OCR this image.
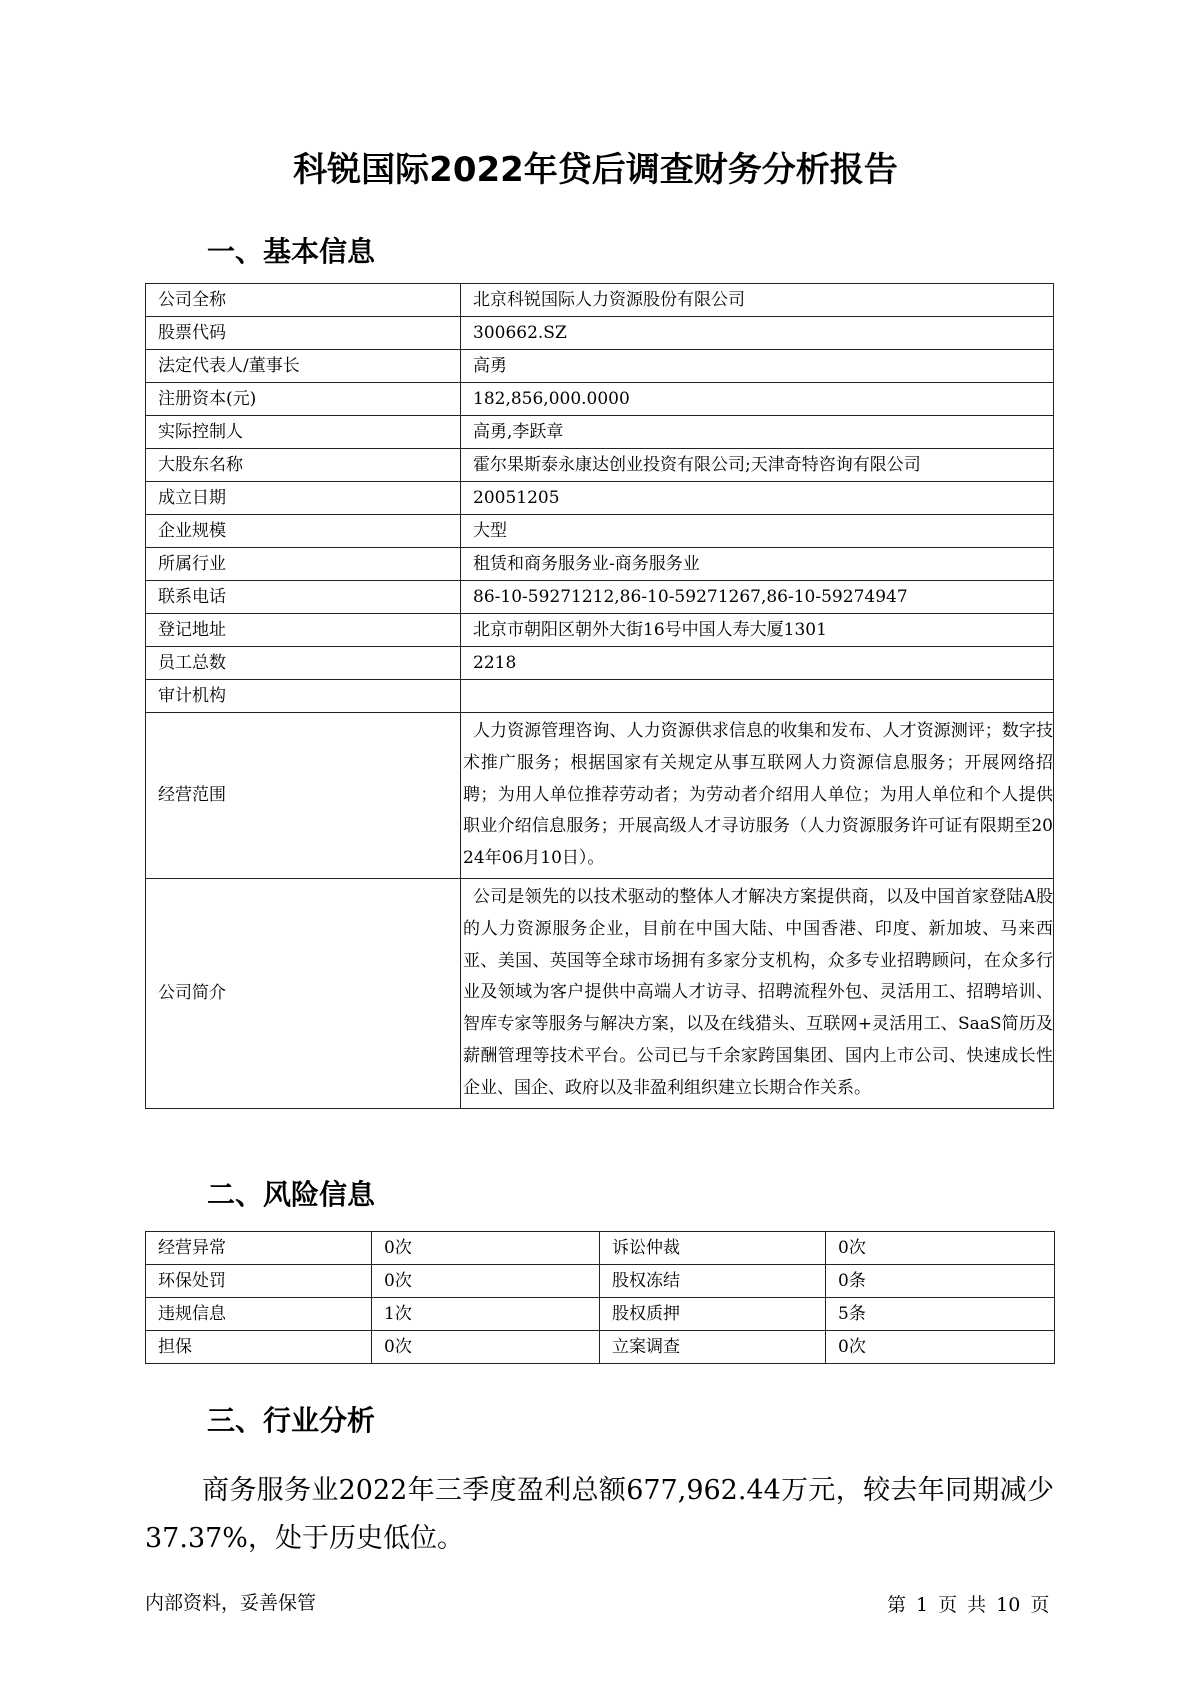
科锐国际2022年贷后调查财务分析报告
一、基本信息
公司全称	北京科锐国际人力资源股份有限公司
股票代码	300662.SZ
法定代表人/董事长	高勇
注册资本(元)	182,856,000.0000
实际控制人	高勇,李跃章
大股东名称	霍尔果斯泰永康达创业投资有限公司;天津奇特咨询有限公司
成立日期	20051205
企业规模	大型
所属行业	租赁和商务服务业-商务服务业
联系电话	86-10-59271212,86-10-59271267,86-10-59274947
登记地址	北京市朝阳区朝外大街16号中国人寿大厦1301
员工总数	2218
审计机构	
经营范围	人力资源管理咨询、人力资源供求信息的收集和发布、人才资源测评；数字技术推广服务；根据国家有关规定从事互联网人力资源信息服务；开展网络招聘；为用人单位推荐劳动者；为劳动者介绍用人单位；为用人单位和个人提供职业介绍信息服务；开展高级人才寻访服务（人力资源服务许可证有限期至2024年06月10日）。
公司简介	公司是领先的以技术驱动的整体人才解决方案提供商，以及中国首家登陆A股的人力资源服务企业，目前在中国大陆、中国香港、印度、新加坡、马来西亚、美国、英国等全球市场拥有多家分支机构，众多专业招聘顾问，在众多行业及领域为客户提供中高端人才访寻、招聘流程外包、灵活用工、招聘培训、智库专家等服务与解决方案，以及在线猎头、互联网+灵活用工、SaaS简历及薪酬管理等技术平台。公司已与千余家跨国集团、国内上市公司、快速成长性企业、国企、政府以及非盈利组织建立长期合作关系。
二、风险信息
经营异常	0次	诉讼仲裁	0次
环保处罚	0次	股权冻结	0条
违规信息	1次	股权质押	5条
担保	0次	立案调查	0次
三、行业分析
商务服务业2022年三季度盈利总额677,962.44万元，较去年同期减少37.37%，处于历史低位。
内部资料，妥善保管	第 1 页 共 10 页
